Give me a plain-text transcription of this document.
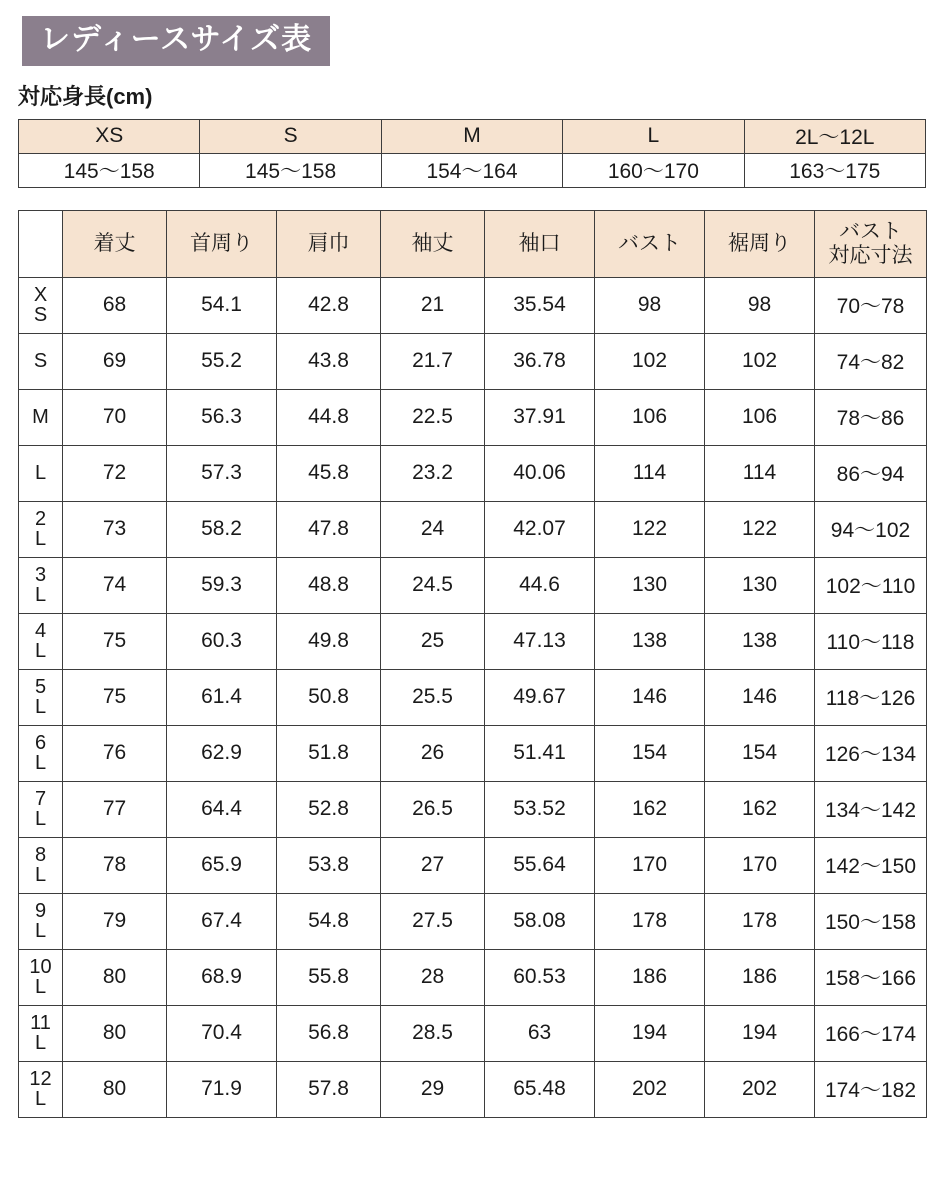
レディースサイズ表
対応身長(cm)
XS	S	M	L	2L〜12L
145〜158	145〜158	154〜164	160〜170	163〜175
	着丈	首周り	肩巾	袖丈	袖口	バスト	裾周り	バスト
対応寸法

X
S	68	54.1	42.8	21	35.54	98	98	70〜78

S	69	55.2	43.8	21.7	36.78	102	102	74〜82

M	70	56.3	44.8	22.5	37.91	106	106	78〜86

L	72	57.3	45.8	23.2	40.06	114	114	86〜94

2
L	73	58.2	47.8	24	42.07	122	122	94〜102

3
L	74	59.3	48.8	24.5	44.6	130	130	102〜110

4
L	75	60.3	49.8	25	47.13	138	138	110〜118

5
L	75	61.4	50.8	25.5	49.67	146	146	118〜126

6
L	76	62.9	51.8	26	51.41	154	154	126〜134

7
L	77	64.4	52.8	26.5	53.52	162	162	134〜142

8
L	78	65.9	53.8	27	55.64	170	170	142〜150

9
L	79	67.4	54.8	27.5	58.08	178	178	150〜158

10
L	80	68.9	55.8	28	60.53	186	186	158〜166

11
L	80	70.4	56.8	28.5	63	194	194	166〜174

12
L	80	71.9	57.8	29	65.48	202	202	174〜182
